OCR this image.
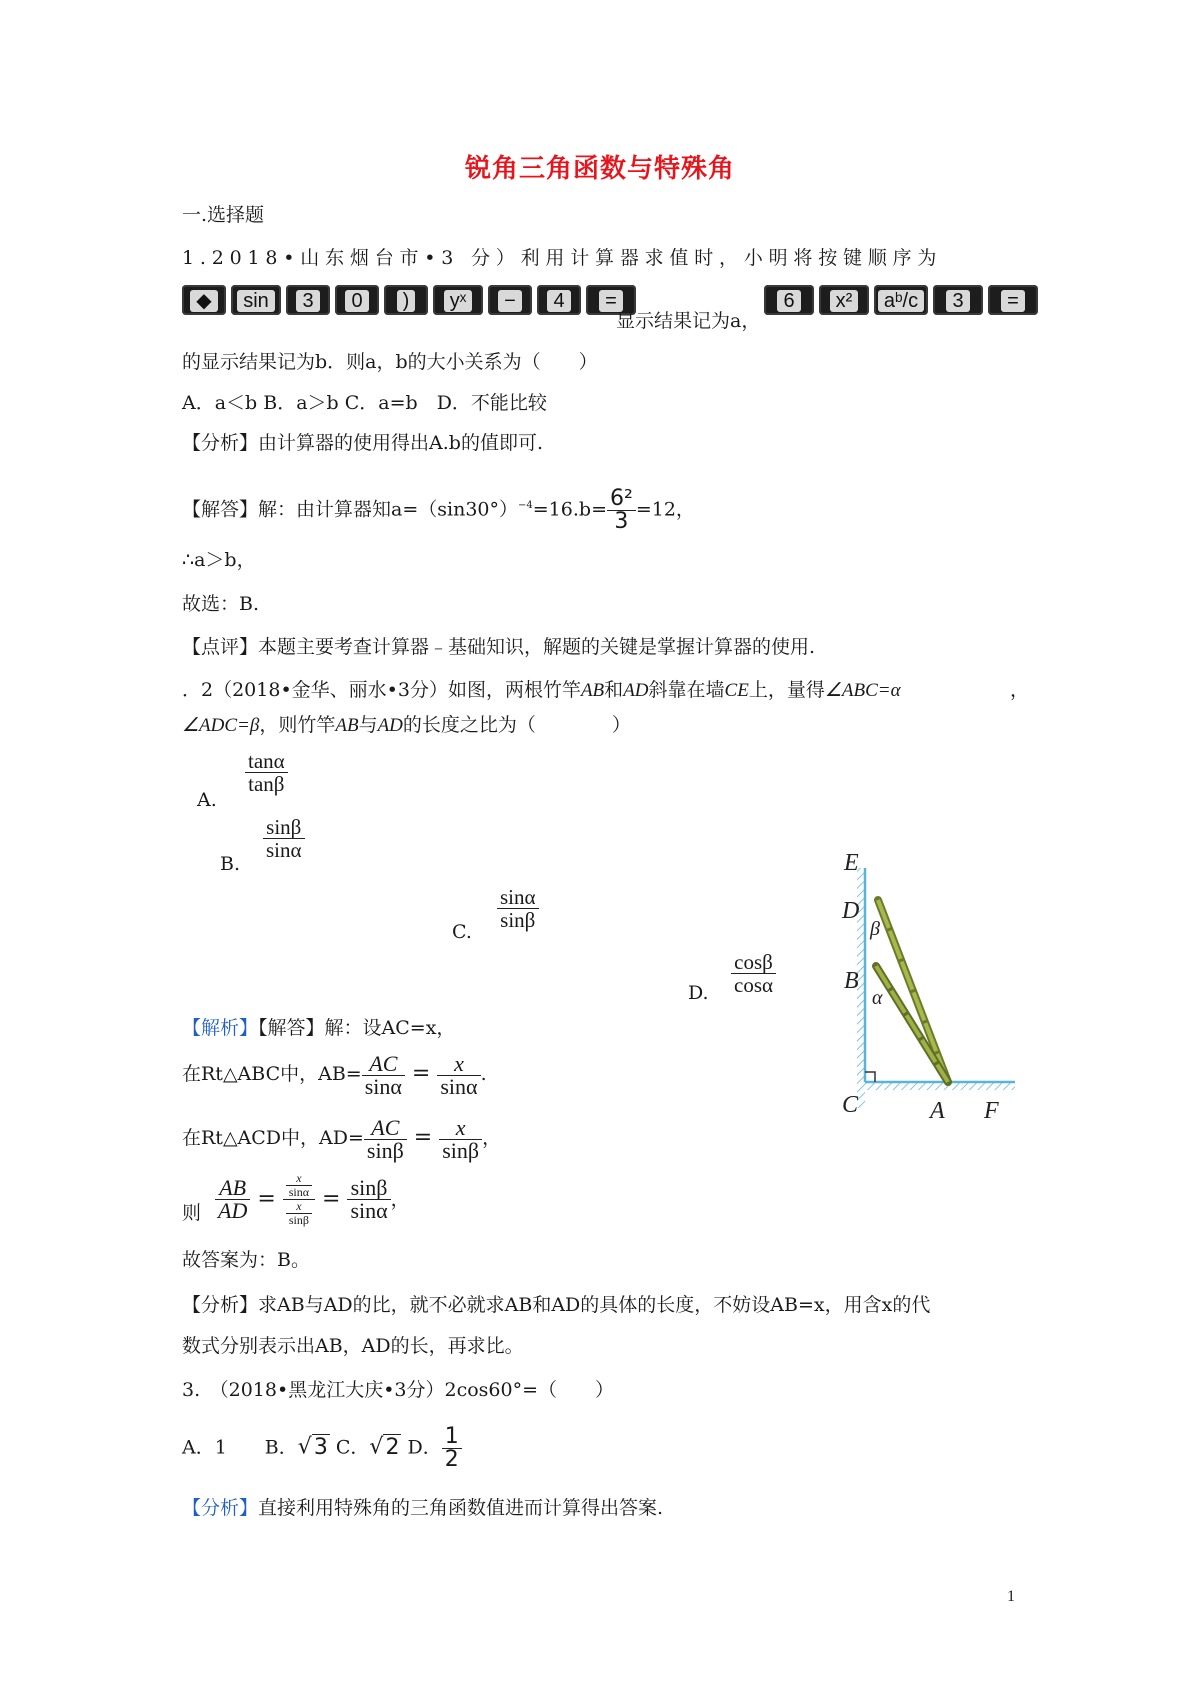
锐角三角函数与特殊角
一.选择题
1.2018•山东烟台市•3 分）利用计算器求值时，小明将按键顺序为
◆ sin 3 0 ) yˣ − 4 =
显示结果记为a，
6 x² aᵇ/c 3 =
的显示结果记为b．则a，b的大小关系为（　　）
A．a＜b B．a＞b C．a=b　D．不能比较
【分析】由计算器的使用得出A.b的值即可.
【解答】解：由计算器知$a=(\sin 30^\circ)^{-4}=16.b= \frac{\text{6²}}{3} =12$，
∴a＞b，
故选：B.
【点评】本题主要考查计算器﹣基础知识，解题的关键是掌握计算器的使用.
．2（2018•金华、丽水•3分）如图，两根竹竿AB和AD斜靠在墙CE上，量得∠ABC=α	，
∠ADC=β，则竹竿AB与AD的长度之比为（　　　　）
A.
$\frac{\tan\alpha}{\tan\beta}$
B.
$\frac{\sin\beta}{\sin\alpha}$
C.
$\frac{\sin\alpha}{\sin\beta}$
D. $\frac{\cos\beta}{\cos\alpha}$
E
D
B
β
α
C	A F
【解析】【解答】解：设AC=x，
在Rt△ABC中，$AB= \frac{AC}{\sin\alpha} = \frac{x}{\sin\alpha}$ .
在Rt△ACD中，$AD= \frac{AC}{\sin\beta} = \frac{x}{\sin\beta}$ ，
则 $\frac{AB}{AD} = \frac{\frac{x}{\sin\alpha}}{\frac{x}{\sin\beta}} = \frac{\sin\beta}{\sin\alpha}$ ，
故答案为：B。
【分析】求AB与AD的比，就不必就求AB和AD的具体的长度，不妨设AB=x，用含x的代
数式分别表示出AB，AD的长，再求比。
3.　（2018•黑龙江大庆•3分）2cos60°=（　　）
A．1　　B．√3 C．√2 D． $\frac{1}{2}$
【分析】直接利用特殊角的三角函数值进而计算得出答案.
1
